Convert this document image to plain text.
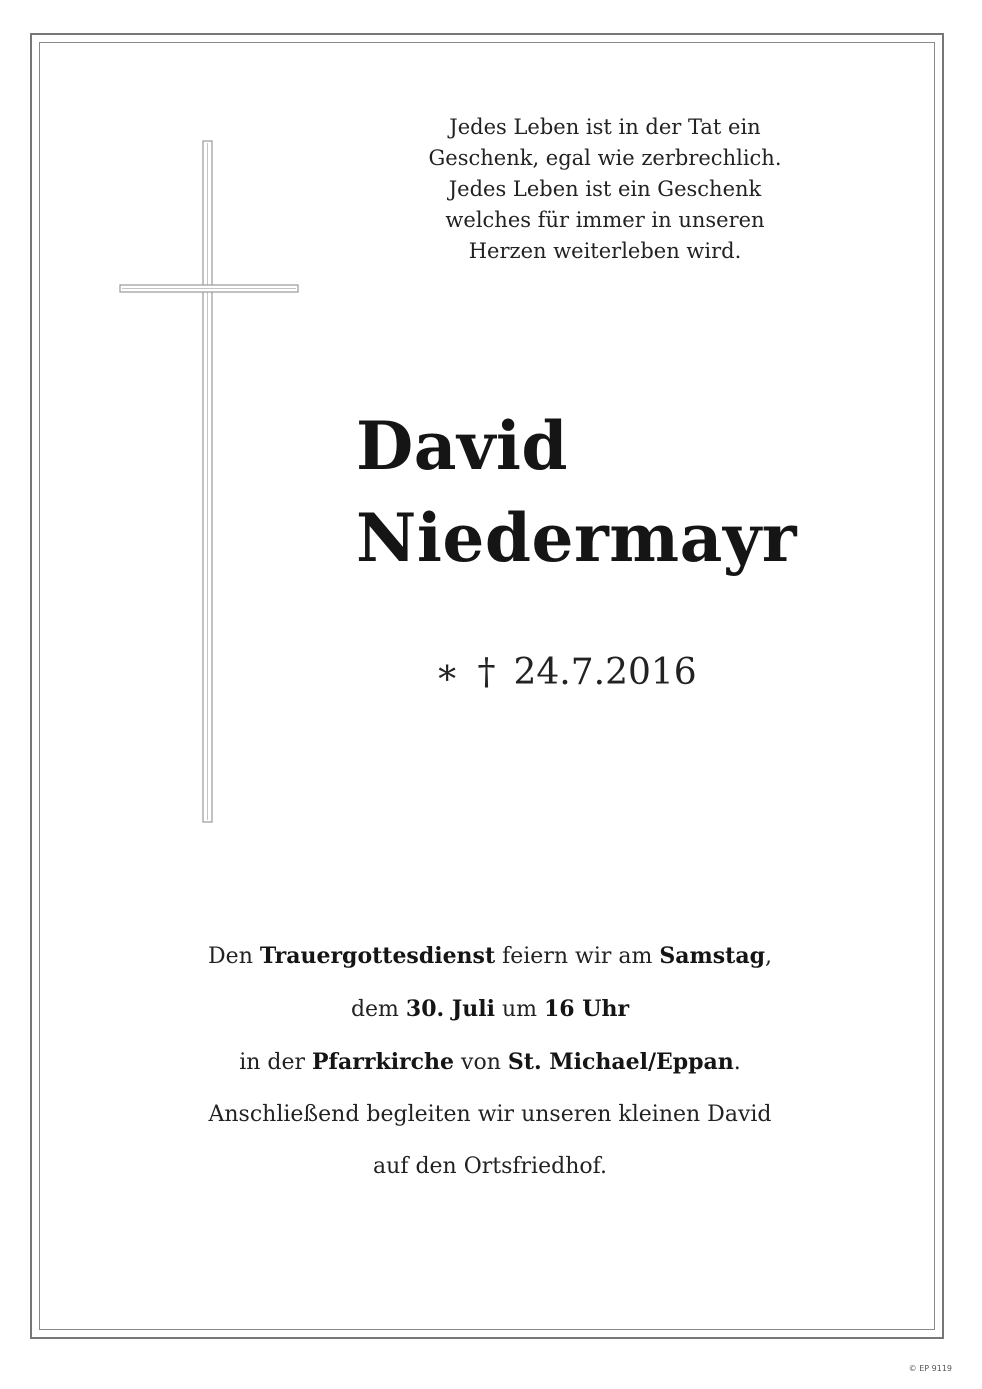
Jedes Leben ist in der Tat ein
Geschenk, egal wie zerbrechlich.
Jedes Leben ist ein Geschenk
welches für immer in unseren
Herzen weiterleben wird.
David
Niedermayr
∗ † 24.7.2016
Den Trauergottesdienst feiern wir am Samstag,
dem 30. Juli um 16 Uhr
in der Pfarrkirche von St. Michael/Eppan.
Anschließend begleiten wir unseren kleinen David
auf den Ortsfriedhof.
© EP 9119
